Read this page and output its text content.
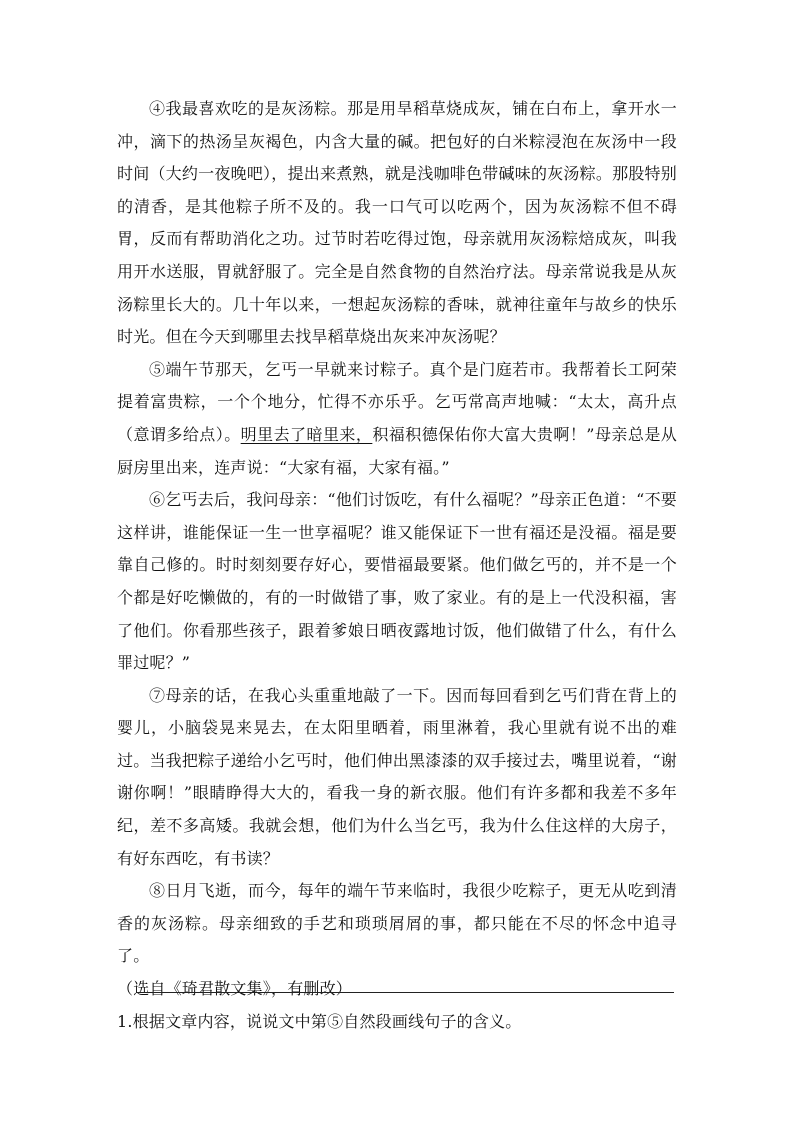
④我最喜欢吃的是灰汤粽。那是用旱稻草烧成灰，铺在白布上，拿开水一冲，滴下的热汤呈灰褐色，内含大量的碱。把包好的白米粽浸泡在灰汤中一段时间（大约一夜晚吧），提出来煮熟，就是浅咖啡色带碱味的灰汤粽。那股特别的清香，是其他粽子所不及的。我一口气可以吃两个，因为灰汤粽不但不碍胃，反而有帮助消化之功。过节时若吃得过饱，母亲就用灰汤粽焙成灰，叫我用开水送服，胃就舒服了。完全是自然食物的自然治疗法。母亲常说我是从灰汤粽里长大的。几十年以来，一想起灰汤粽的香味，就神往童年与故乡的快乐时光。但在今天到哪里去找旱稻草烧出灰来冲灰汤呢？

⑤端午节那天，乞丐一早就来讨粽子。真个是门庭若市。我帮着长工阿荣提着富贵粽，一个个地分，忙得不亦乐乎。乞丐常高声地喊：“太太，高升点（意谓多给点）。明里去了暗里来，积福积德保佑你大富大贵啊！”母亲总是从厨房里出来，连声说：“大家有福，大家有福。”

⑥乞丐去后，我问母亲：“他们讨饭吃，有什么福呢？”母亲正色道：“不要这样讲，谁能保证一生一世享福呢？谁又能保证下一世有福还是没福。福是要靠自己修的。时时刻刻要存好心，要惜福最要紧。他们做乞丐的，并不是一个个都是好吃懒做的，有的一时做错了事，败了家业。有的是上一代没积福，害了他们。你看那些孩子，跟着爹娘日晒夜露地讨饭，他们做错了什么，有什么罪过呢？”

⑦母亲的话，在我心头重重地敲了一下。因而每回看到乞丐们背在背上的婴儿，小脑袋晃来晃去，在太阳里晒着，雨里淋着，我心里就有说不出的难过。当我把粽子递给小乞丐时，他们伸出黑漆漆的双手接过去，嘴里说着，“谢谢你啊！”眼睛睁得大大的，看我一身的新衣服。他们有许多都和我差不多年纪，差不多高矮。我就会想，他们为什么当乞丐，我为什么住这样的大房子，有好东西吃，有书读？

⑧日月飞逝，而今，每年的端午节来临时，我很少吃粽子，更无从吃到清香的灰汤粽。母亲细致的手艺和琐琐屑屑的事，都只能在不尽的怀念中追寻了。

（选自《琦君散文集》，有删改）

1.根据文章内容，说说文中第⑤自然段画线句子的含义。
